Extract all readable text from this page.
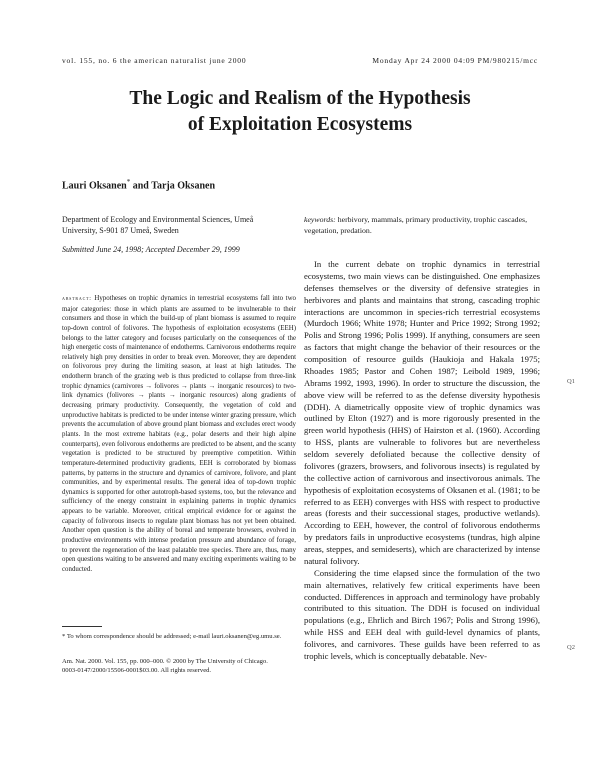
vol. 155, no. 6 the american naturalist june 2000	Monday Apr 24 2000 04:09 PM/980215/mcc
The Logic and Realism of the Hypothesis
of Exploitation Ecosystems
Lauri Oksanen* and Tarja Oksanen
Department of Ecology and Environmental Sciences, Umeå
University, S-901 87 Umeå, Sweden
Submitted June 24, 1998; Accepted December 29, 1999
abstract: Hypotheses on trophic dynamics in terrestrial ecosystems fall into two major categories: those in which plants are assumed to be invulnerable to their consumers and those in which the build-up of plant biomass is assumed to require top-down control of folivores. The hypothesis of exploitation ecosystems (EEH) belongs to the latter category and focuses particularly on the consequences of the high energetic costs of maintenance of endotherms. Carnivorous endotherms require relatively high prey densities in order to break even. Moreover, they are dependent on folivorous prey during the limiting season, at least at high latitudes. The endotherm branch of the grazing web is thus predicted to collapse from three-link trophic dynamics (carnivores → folivores → plants → inorganic resources) to two-link dynamics (folivores → plants → inorganic resources) along gradients of decreasing primary productivity. Consequently, the vegetation of cold and unproductive habitats is predicted to be under intense winter grazing pressure, which prevents the accumulation of above ground plant biomass and excludes erect woody plants. In the most extreme habitats (e.g., polar deserts and their high alpine counterparts), even folivorous endotherms are predicted to be absent, and the scanty vegetation is predicted to be structured by preemptive competition. Within temperature-determined productivity gradients, EEH is corroborated by biomass patterns, by patterns in the structure and dynamics of carnivore, folivore, and plant communities, and by experimental results. The general idea of top-down trophic dynamics is supported for other autotroph-based systems, too, but the relevance and sufficiency of the energy constraint in explaining patterns in trophic dynamics appears to be variable. Moreover, critical empirical evidence for or against the capacity of folivorous insects to regulate plant biomass has not yet been obtained. Another open question is the ability of boreal and temperate browsers, evolved in productive environments with intense predation pressure and abundance of forage, to prevent the regeneration of the least palatable tree species. There are, thus, many open questions waiting to be answered and many exciting experiments waiting to be conducted.
* To whom correspondence should be addressed; e-mail lauri.oksanen@eg.umu.se.
Am. Nat. 2000. Vol. 155, pp. 000–000. © 2000 by The University of Chicago.
0003-0147/2000/15506-0001$03.00. All rights reserved.
keywords: herbivory, mammals, primary productivity, trophic cascades, vegetation, predation.

In the current debate on trophic dynamics in terrestrial ecosystems, two main views can be distinguished. One emphasizes defenses themselves or the diversity of defensive strategies in herbivores and plants and maintains that strong, cascading trophic interactions are uncommon in species-rich terrestrial ecosystems (Murdoch 1966; White 1978; Hunter and Price 1992; Strong 1992; Polis and Strong 1996; Polis 1999). If anything, consumers are seen as factors that might change the behavior of their resources or the composition of resource guilds (Haukioja and Hakala 1975; Rhoades 1985; Pastor and Cohen 1987; Leibold 1989, 1996; Abrams 1992, 1993, 1996). In order to structure the discussion, the above view will be referred to as the defense diversity hypothesis (DDH). A diametrically opposite view of trophic dynamics was outlined by Elton (1927) and is more rigorously presented in the green world hypothesis (HHS) of Hairston et al. (1960). According to HSS, plants are vulnerable to folivores but are nevertheless seldom severely defoliated because the collective density of folivores (grazers, browsers, and folivorous insects) is regulated by the collective action of carnivorous and insectivorous animals. The hypothesis of exploitation ecosystems of Oksanen et al. (1981; to be referred to as EEH) converges with HSS with respect to productive areas (forests and their successional stages, productive wetlands). According to EEH, however, the control of folivorous endotherms by predators fails in unproductive ecosystems (tundras, high alpine areas, steppes, and semideserts), which are characterized by intense natural folivory.

Considering the time elapsed since the formulation of the two main alternatives, relatively few critical experiments have been conducted. Differences in approach and terminology have probably contributed to this situation. The DDH is focused on individual populations (e.g., Ehrlich and Birch 1967; Polis and Strong 1996), while HSS and EEH deal with guild-level dynamics of plants, folivores, and carnivores. These guilds have been referred to as trophic levels, which is conceptually debatable. Nev-

Q1
Q2
